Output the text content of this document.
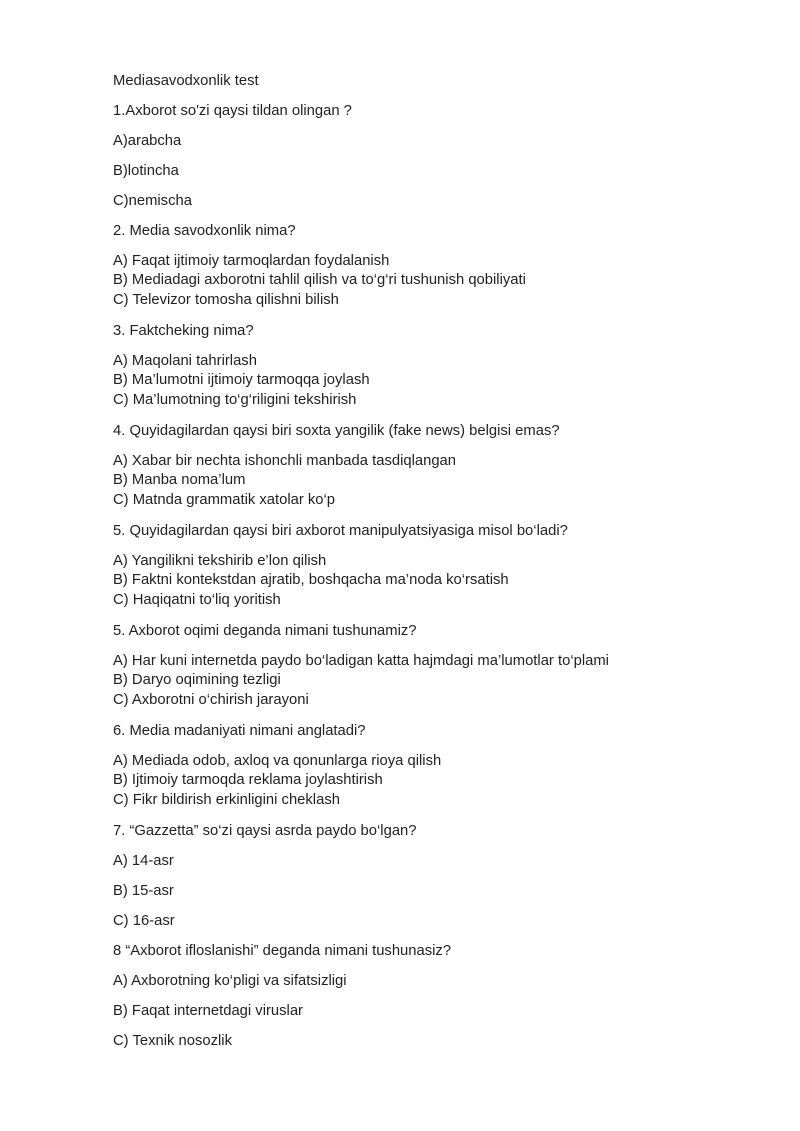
Mediasavodxonlik test

1.Axborot so'zi qaysi tildan olingan ?

A)arabcha

B)lotincha

C)nemischa

2. Media savodxonlik nima?

A) Faqat ijtimoiy tarmoqlardan foydalanish

B) Mediadagi axborotni tahlil qilish va to‘g‘ri tushunish qobiliyati

C) Televizor tomosha qilishni bilish

3. Faktcheking nima?

A) Maqolani tahrirlash

B) Ma’lumotni ijtimoiy tarmoqqa joylash

C) Ma’lumotning to‘g‘riligini tekshirish

4. Quyidagilardan qaysi biri soxta yangilik (fake news) belgisi emas?

A) Xabar bir nechta ishonchli manbada tasdiqlangan

B) Manba noma’lum

C) Matnda grammatik xatolar ko‘p

5. Quyidagilardan qaysi biri axborot manipulyatsiyasiga misol bo‘ladi?

A) Yangilikni tekshirib e’lon qilish

B) Faktni kontekstdan ajratib, boshqacha ma’noda ko‘rsatish

C) Haqiqatni to‘liq yoritish

5. Axborot oqimi deganda nimani tushunamiz?

A) Har kuni internetda paydo bo‘ladigan katta hajmdagi ma’lumotlar to‘plami

B) Daryo oqimining tezligi

C) Axborotni o‘chirish jarayoni

6. Media madaniyati nimani anglatadi?

A) Mediada odob, axloq va qonunlarga rioya qilish

B) Ijtimoiy tarmoqda reklama joylashtirish

C) Fikr bildirish erkinligini cheklash

7. “Gazzetta” so‘zi qaysi asrda paydo bo‘lgan?

A) 14-asr

B) 15-asr

C) 16-asr

8 “Axborot ifloslanishi” deganda nimani tushunasiz?

A) Axborotning ko‘pligi va sifatsizligi

B) Faqat internetdagi viruslar

C) Texnik nosozlik
